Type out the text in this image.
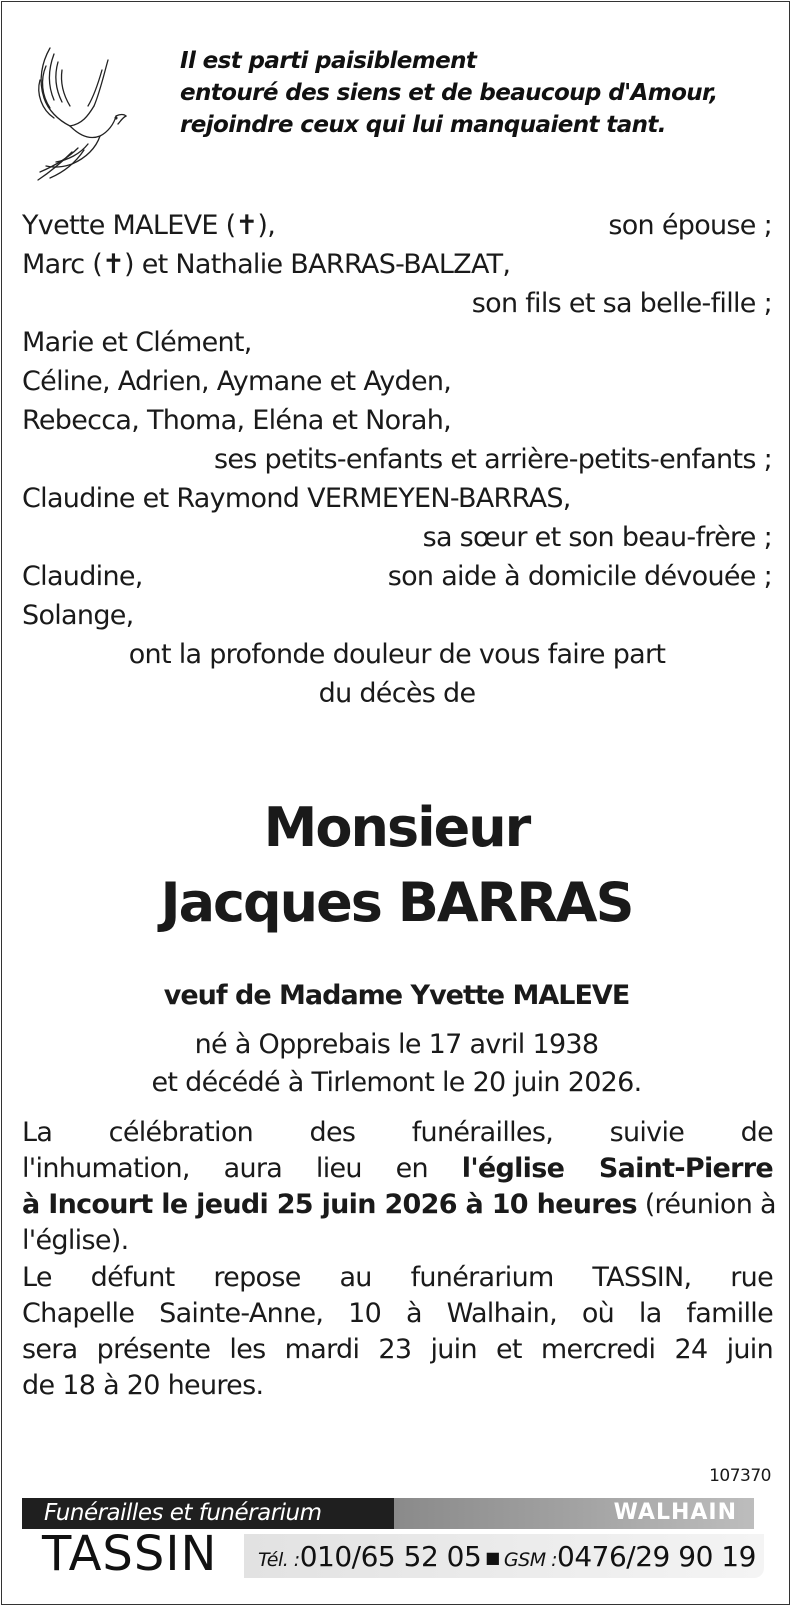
Il est parti paisiblement
entouré des siens et de beaucoup d'Amour,
rejoindre ceux qui lui manquaient tant.
Yvette MALEVE (✝),	son épouse ;
Marc (✝) et Nathalie BARRAS-BALZAT,
son fils et sa belle-fille ;
Marie et Clément,
Céline, Adrien, Aymane et Ayden,
Rebecca, Thoma, Eléna et Norah,
ses petits-enfants et arrière-petits-enfants ;
Claudine et Raymond VERMEYEN-BARRAS,
sa sœur et son beau-frère ;
Claudine,	son aide à domicile dévouée ;
Solange,
ont la profonde douleur de vous faire part
du décès de
Monsieur
Jacques BARRAS
veuf de Madame Yvette MALEVE
né à Opprebais le 17 avril 1938
et décédé à Tirlemont le 20 juin 2026.
La célébration des funérailles, suivie de
l'inhumation, aura lieu en l'église Saint-Pierre
à Incourt le jeudi 25 juin 2026 à 10 heures (réunion à
l'église).
Le défunt repose au funérarium TASSIN, rue
Chapelle Sainte-Anne, 10 à Walhain, où la famille
sera présente les mardi 23 juin et mercredi 24 juin
de 18 à 20 heures.
107370
Funérailles et funérarium	WALHAIN
TASSIN Tél. :010/65 52 05 ■ GSM :0476/29 90 19
